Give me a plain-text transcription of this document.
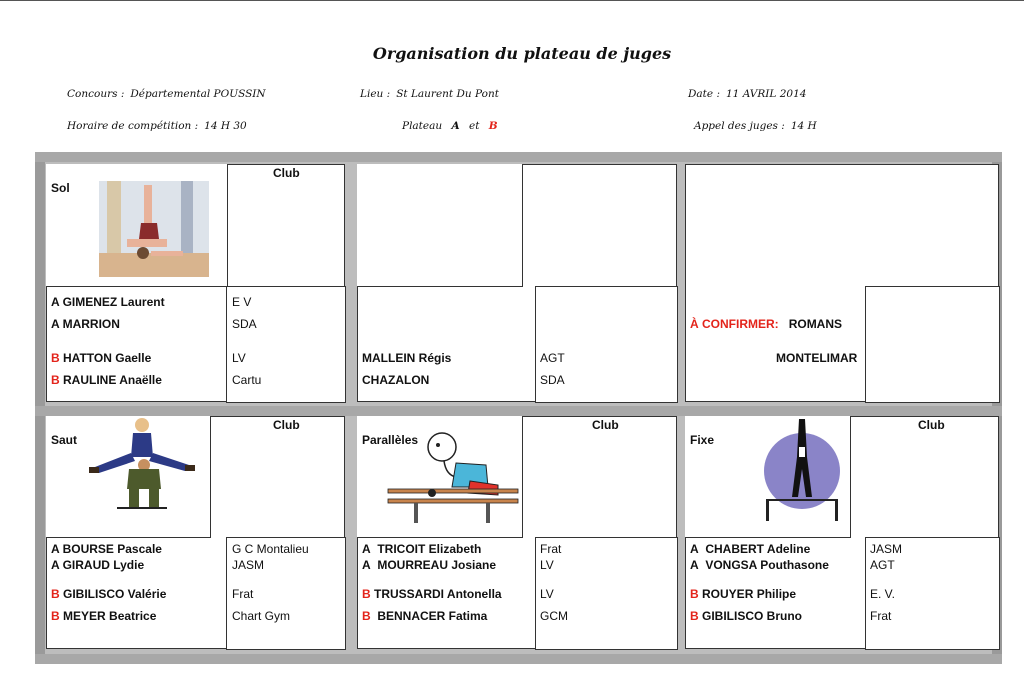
Organisation du plateau de juges
Concours : Départemental POUSSIN	Lieu : St Laurent Du Pont	Date : 11 AVRIL 2014
Horaire de compétition : 14 H 30	Plateau A et B	Appel des juges : 14 H
Sol
Club
A GIMENEZ Laurent	E V
A MARRION	SDA
B HATTON Gaelle	LV
B RAULINE Anaëlle	Cartu
MALLEIN Régis	AGT
CHAZALON	SDA
À CONFIRMER: ROMANS
MONTELIMAR
Saut
Club
A BOURSE Pascale	G C Montalieu
A GIRAUD Lydie	JASM
B GIBILISCO Valérie	Frat
B MEYER Beatrice	Chart Gym
Parallèles
Club
A TRICOIT Elizabeth	Frat
A MOURREAU Josiane	LV
B TRUSSARDI Antonella	LV
B BENNACER Fatima	GCM
Fixe
Club
A CHABERT Adeline	JASM
A VONGSA Pouthasone	AGT
B ROUYER Philipe	E. V.
B GIBILISCO Bruno	Frat
